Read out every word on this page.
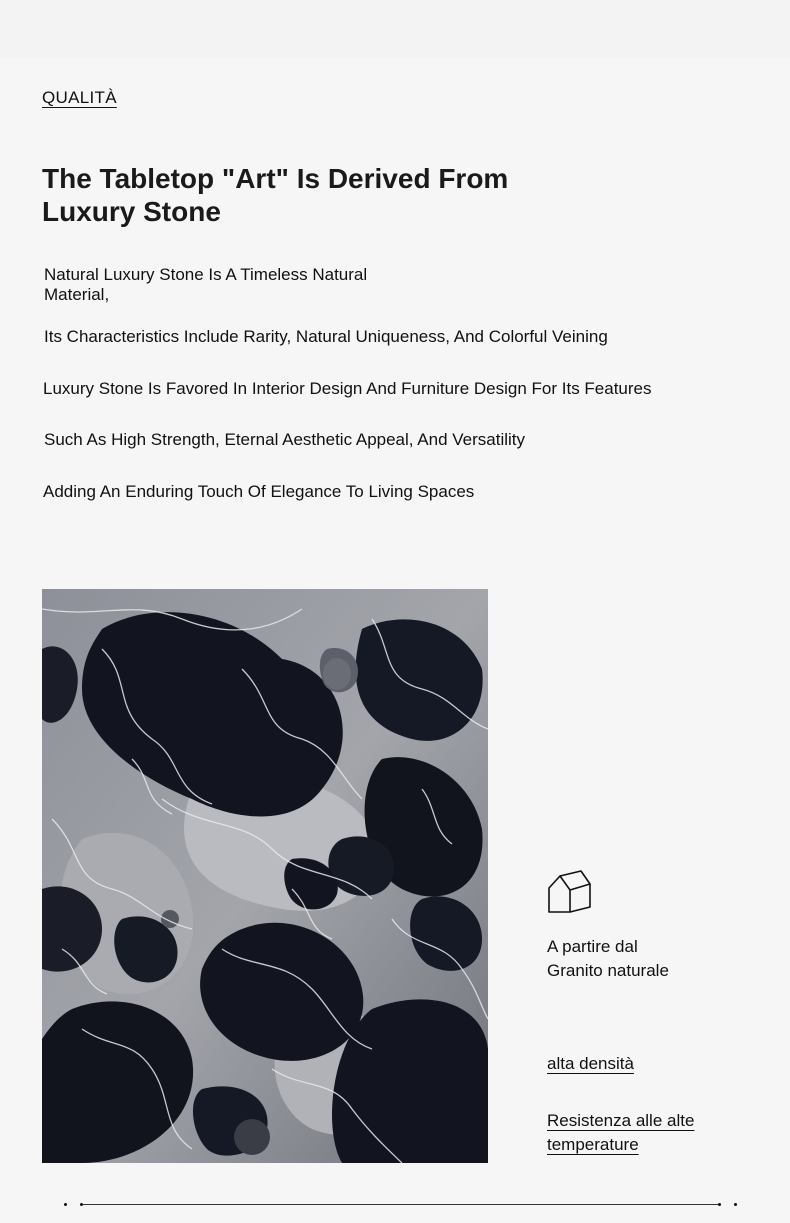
QUALITÀ
The Tabletop "Art" Is Derived From
Luxury Stone

Natural Luxury Stone Is A Timeless Natural
Material,

Its Characteristics Include Rarity, Natural Uniqueness, And Colorful Veining

Luxury Stone Is Favored In Interior Design And Furniture Design For Its Features

Such As High Strength, Eternal Aesthetic Appeal, And Versatility

Adding An Enduring Touch Of Elegance To Living Spaces

A partire dal
Granito naturale
alta densità
Resistenza alle alte
temperature
